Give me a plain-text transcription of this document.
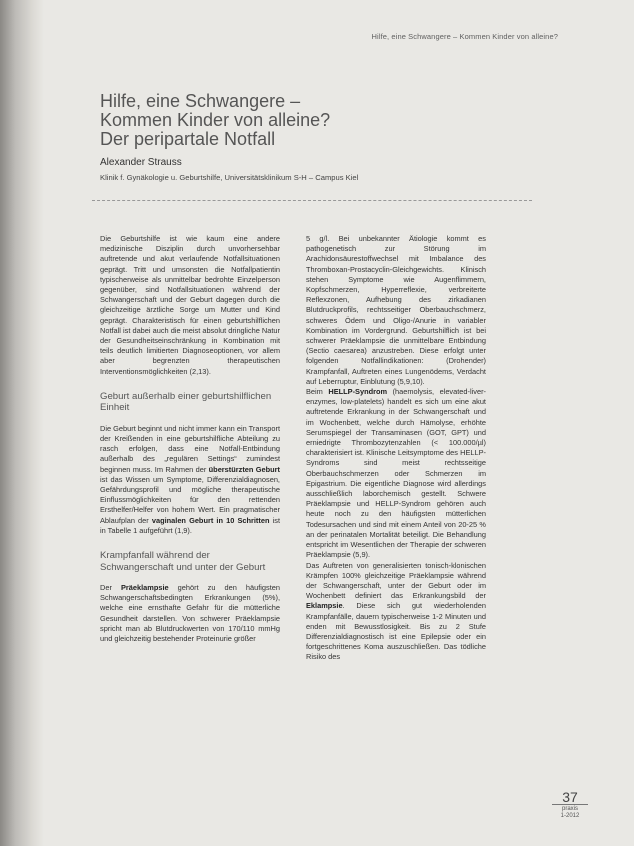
Hilfe, eine Schwangere – Kommen Kinder von alleine?
Hilfe, eine Schwangere –
Kommen Kinder von alleine?
Der peripartale Notfall
Alexander Strauss
Klinik f. Gynäkologie u. Geburtshilfe, Universitätsklinikum S-H – Campus Kiel

Die Geburtshilfe ist wie kaum eine andere medizinische Disziplin durch unvorhersehbar auftretende und akut verlaufende Notfallsituationen geprägt. Tritt und umsonsten die Notfallpatientin typischerweise als unmittelbar bedrohte Einzelperson gegenüber, sind Notfallsituationen während der Schwangerschaft und der Geburt dagegen durch die gleichzeitige ärztliche Sorge um Mutter und Kind geprägt. Charakteristisch für einen geburtshilflichen Notfall ist dabei auch die meist absolut dringliche Natur der Gesundheitseinschränkung in Kombination mit teils deutlich limitierten Diagnoseoptionen, vor allem aber begrenzten therapeutischen Interventionsmöglichkeiten (2,13).

Geburt außerhalb einer geburtshilflichen Einheit

Die Geburt beginnt und nicht immer kann ein Transport der Kreißenden in eine geburtshilfliche Abteilung zu rasch erfolgen, dass eine Notfall-Entbindung außerhalb des „regulären Settings“ zumindest beginnen muss. Im Rahmen der überstürzten Geburt ist das Wissen um Symptome, Differenzialdiagnosen, Gefährdungsprofil und mögliche therapeutische Einflussmöglichkeiten für den rettenden Ersthelfer/Helfer von hohem Wert. Ein pragmatischer Ablaufplan der vaginalen Geburt in 10 Schritten ist in Tabelle 1 aufgeführt (1,9).

Krampfanfall während der Schwangerschaft und unter der Geburt

Der Präeklampsie gehört zu den häufigsten Schwangerschaftsbedingten Erkrankungen (5%), welche eine ernsthafte Gefahr für die mütterliche Gesundheit darstellen. Von schwerer Präeklampsie spricht man ab Blutdruckwerten von 170/110 mmHg und gleichzeitig bestehender Proteinurie größer

5 g/l. Bei unbekannter Ätiologie kommt es pathogenetisch zur Störung im Arachidonsäurestoffwechsel mit Imbalance des Thromboxan-Prostacyclin-Gleichgewichts. Klinisch stehen Symptome wie Augenflimmern, Kopfschmerzen, Hyperreflexie, verbreiterte Reflexzonen, Aufhebung des zirkadianen Blutdruckprofils, rechtsseitiger Oberbauchschmerz, schweres Ödem und Oligo-/Anurie in variabler Kombination im Vordergrund. Geburtshilflich ist bei schwerer Präeklampsie die unmittelbare Entbindung (Sectio caesarea) anzustreben. Diese erfolgt unter folgenden Notfallindikationen: (Drohender) Krampfanfall, Auftreten eines Lungenödems, Verdacht auf Leberruptur, Einblutung (5,9,10).

Beim HELLP-Syndrom (haemolysis, elevated-liver-enzymes, low-platelets) handelt es sich um eine akut auftretende Erkrankung in der Schwangerschaft und im Wochenbett, welche durch Hämolyse, erhöhte Serumspiegel der Transaminasen (GOT, GPT) und erniedrigte Thrombozytenzahlen (< 100.000/µl) charakterisiert ist. Klinische Leitsymptome des HELLP-Syndroms sind meist rechtsseitige Oberbauchschmerzen oder Schmerzen im Epigastrium. Die eigentliche Diagnose wird allerdings ausschließlich laborchemisch gestellt. Schwere Präeklampsie und HELLP-Syndrom gehören auch heute noch zu den häufigsten mütterlichen Todesursachen und sind mit einem Anteil von 20-25 % an der perinatalen Mortalität beteiligt. Die Behandlung entspricht im Wesentlichen der Therapie der schweren Präeklampsie (5,9).

Das Auftreten von generalisierten tonisch-klonischen Krämpfen 100% gleichzeitige Präeklampsie während der Schwangerschaft, unter der Geburt oder im Wochenbett definiert das Erkrankungsbild der Eklampsie. Diese sich gut wiederholenden Krampfanfälle, dauern typischerweise 1-2 Minuten und enden mit Bewusstlosigkeit. Bis zu 2 Stufe Differenzialdiagnostisch ist eine Epilepsie oder ein fortgeschrittenes Koma auszuschließen. Das tödliche Risiko des

37
praxis
1-2012
